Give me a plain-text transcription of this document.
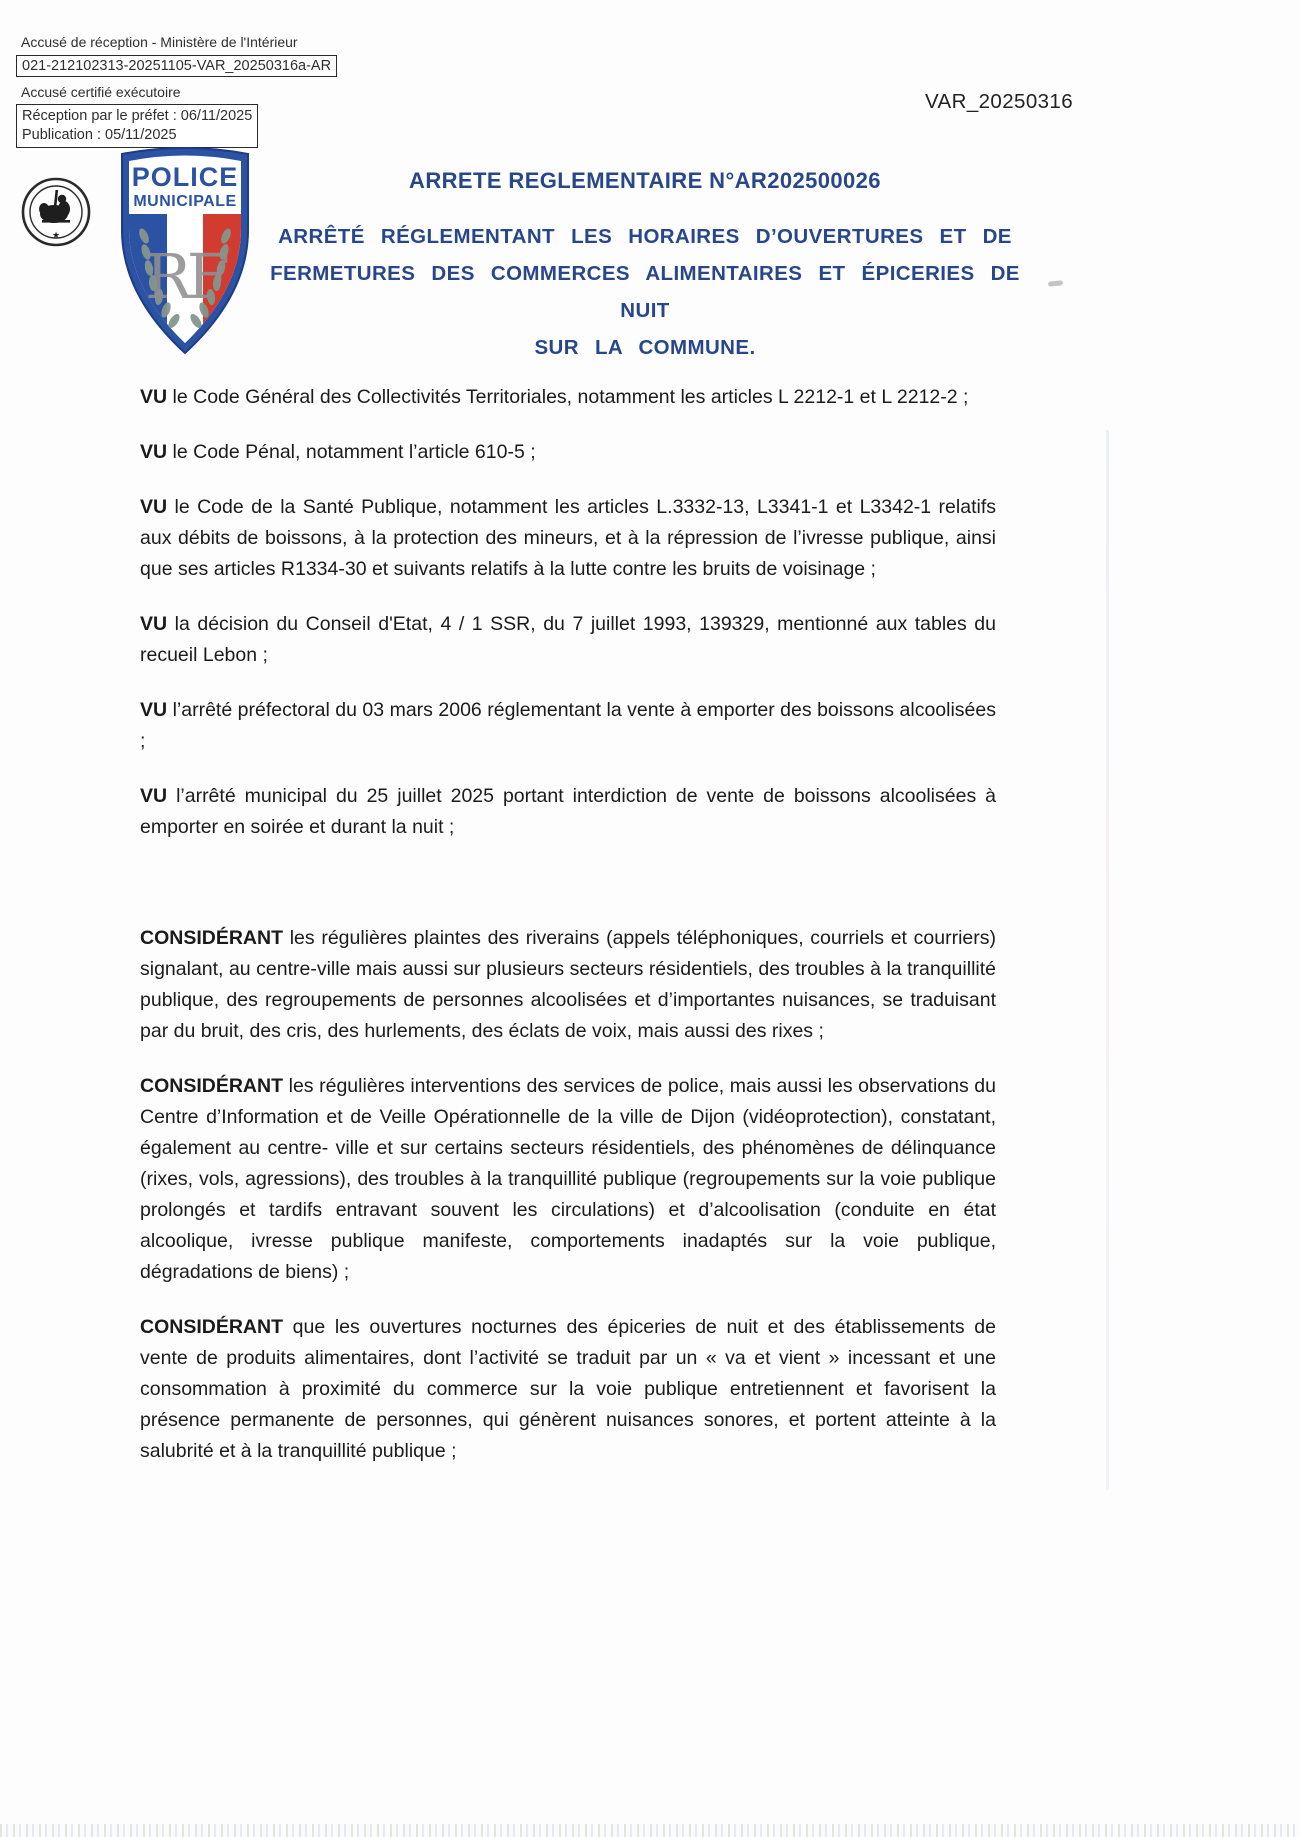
Accusé de réception - Ministère de l'Intérieur
021-212102313-20251105-VAR_20250316a-AR
Accusé certifié exécutoire
Réception par le préfet : 06/11/2025
Publication : 05/11/2025
VAR_20250316
★
RF
POLICE
MUNICIPALE
ARRETE REGLEMENTAIRE N°AR202500026
ARRÊTÉ RÉGLEMENTANT LES HORAIRES D’OUVERTURES ET DE
FERMETURES DES COMMERCES ALIMENTAIRES ET ÉPICERIES DE NUIT
SUR LA COMMUNE.

VU le Code Général des Collectivités Territoriales, notamment les articles L 2212-1 et L 2212-2 ;

VU le Code Pénal, notamment l’article 610-5 ;

VU le Code de la Santé Publique, notamment les articles L.3332-13, L3341-1 et L3342-1 relatifs aux débits de boissons, à la protection des mineurs, et à la répression de l’ivresse publique, ainsi que ses articles R1334-30 et suivants relatifs à la lutte contre les bruits de voisinage ;

VU la décision du Conseil d'Etat, 4 / 1 SSR, du 7 juillet 1993, 139329, mentionné aux tables du recueil Lebon ;

VU l’arrêté préfectoral du 03 mars 2006 réglementant la vente à emporter des boissons alcoolisées ;

VU l’arrêté municipal du 25 juillet 2025 portant interdiction de vente de boissons alcoolisées à emporter en soirée et durant la nuit ;

CONSIDÉRANT les régulières plaintes des riverains (appels téléphoniques, courriels et courriers) signalant, au centre-ville mais aussi sur plusieurs secteurs résidentiels, des troubles à la tranquillité publique, des regroupements de personnes alcoolisées et d’importantes nuisances, se traduisant par du bruit, des cris, des hurlements, des éclats de voix, mais aussi des rixes ;

CONSIDÉRANT les régulières interventions des services de police, mais aussi les observations du Centre d’Information et de Veille Opérationnelle de la ville de Dijon (vidéoprotection), constatant, également au centre- ville et sur certains secteurs résidentiels, des phénomènes de délinquance (rixes, vols, agressions), des troubles à la tranquillité publique (regroupements sur la voie publique prolongés et tardifs entravant souvent les circulations) et d’alcoolisation (conduite en état alcoolique, ivresse publique manifeste, comportements inadaptés sur la voie publique, dégradations de biens) ;

CONSIDÉRANT que les ouvertures nocturnes des épiceries de nuit et des établissements de vente de produits alimentaires, dont l’activité se traduit par un « va et vient » incessant et une consommation à proximité du commerce sur la voie publique entretiennent et favorisent la présence permanente de personnes, qui génèrent nuisances sonores, et portent atteinte à la salubrité et à la tranquillité publique ;
